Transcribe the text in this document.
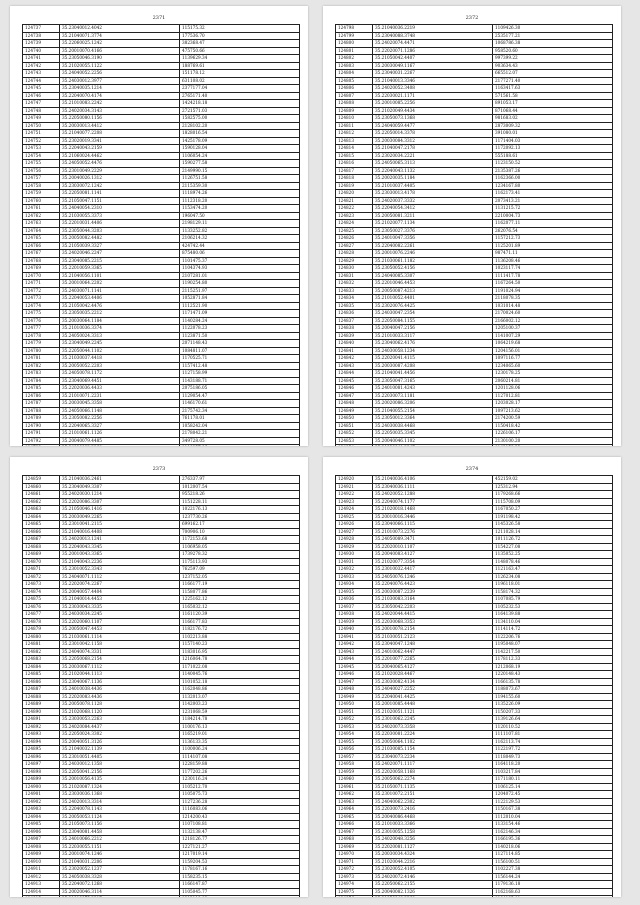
2371
124737	35.23040012.4042	115175.32
124738	35.21040071.3774	177536.70
124739	35.22060025.1242	382368.47
124740	35.20010070.4166	475750.66
124741	35.23050046.3190	1139629.34
124742	35.21020055.1122	188769.61
124743	35.24040052.2256	151178.12
124744	35.24030012.3977	631108.02
124745	35.23040035.1214	2377177.04
124746	35.22040070.4174	2765171.40
124747	35.21010083.2242	1424218.18
124748	35.24020034.3143	2721571.03
124749	35.22050080.1156	1582575.00
124750	35.20030013.4412	2128102.20
124751	35.21040077.2208	1828016.54
124752	35.23020019.3341	1425178.09
124753	35.22040043.2159	1590128.04
124754	35.21060024.4462	1106054.24
124755	35.24050052.4476	1590277.58
124756	35.23010049.2229	2149990.15
124757	35.20040026.1312	1126751.58
124758	35.23030072.1242	2115359.30
124759	35.22050081.1141	1118974.26
124760	35.21050047.1151	1112318.20
124761	35.24040054.2310	1153474.20
124762	35.21030055.3373	196047.50
124763	35.22010031.4406	2198129.11
124764	35.23050044.3203	1133252.82
124765	35.20050082.4482	2106214.32
124766	35.21050039.3327	424742.44
124767	35.24020046.2247	875480.06
124768	35.23040085.2215	1101475.37
124769	35.22010059.3365	1104374.93
124770	35.21040056.1101	2107281.01
124771	35.20010064.2202	1190254.80
124772	35.24030071.1141	2115251.97
124773	35.22040053.4406	1052871.84
124774	35.21050042.4476	1112521.90
124775	35.23050035.2212	1171471.09
124776	35.20030064.1184	1140284.24
124777	35.21010036.3374	1122078.23
124778	35.24050024.3313	1123871.50
124779	35.23040049.2245	2071148.43
124780	35.22050044.1102	1084811.07
124781	35.21030037.4418	1170525.71
124782	35.20050052.2203	1157412.48
124783	35.24050078.1172	1127158.99
124784	35.23040069.4451	1143188.71
124785	35.22020036.4433	2075186.05
124786	35.21010071.2231	1129054.47
124787	35.20030045.3358	1146170.61
124788	35.24050066.1148	2175742.34
124789	35.23050082.2256	761178.01
124790	35.22040065.3327	1058242.04
124791	35.21010061.1126	2178042.21
124792	35.20040079.4485	349728.05

2372
124798	35.21040036.2219	1109426.30
124799	35.23040088.3748	2535177.21
124800	35.24020074.4471	1068786.38
124801	35.22020071.1286	958520.60
124802	35.21050042.4407	997399.22
124803	35.20030049.1167	903634.43
124804	35.23040031.2267	665512.07
124805	35.21040013.3346	2177271.40
124806	35.24020052.3408	1163417.63
124807	35.22030021.1171	571561.58
124808	35.20010085.2256	891053.17
124809	35.21020049.4434	871068.44
124810	35.23050073.1368	981683.02
124811	35.24040059.4477	2873009.32
124812	35.22050014.3378	391080.01
124813	35.20030084.3312	1171404.03
124814	35.21040047.2178	1172092.13
124815	35.23020034.2221	555188.61
124816	35.24050065.3113	1123150.52
124817	35.22040043.1132	2135387.26
124818	35.20020035.1184	1162366.00
124819	35.21010037.4405	1234167.80
124820	35.23030013.4178	1162173.41
124821	35.24020037.3332	2073413.21
124822	35.22040054.3412	1131215.72
124823	35.20050081.3211	2210004.73
124824	35.21020077.1134	1162077.11
124825	35.23050027.3376	262076.54
124826	35.24010047.3356	1157212.73
124827	35.22040082.2261	1125201.89
124828	35.20010076.2246	987471.11
124829	35.21030061.1182	1136208.46
124830	35.23050052.4156	1023117.74
124831	35.24040085.3307	1111417.78
124832	35.22010046.4453	1167264.50
124833	35.20050087.4213	1191024.94
124834	35.21010052.4401	2118078.35
124835	35.23020076.4425	1031014.48
124836	35.24030047.2354	2170024.60
124837	35.22050084.1155	2166002.12
124838	35.20040047.2156	1205100.37
124839	35.21010033.3117	1141007.29
124840	35.23040062.4176	1064219.68
124841	35.24030058.1234	1204156.01
124842	35.22020041.4115	1097116.77
124843	35.20030087.4208	1234065.60
124844	35.21040041.4456	1230178.25
124845	35.23050047.3165	2060214.81
124846	35.24010081.4243	1201128.06
124847	35.22030073.1181	1127012.81
124848	35.20020086.3206	1203028.17
124849	35.21040055.2154	1097213.62
124850	35.23050012.3364	2174200.59
124851	35.24030038.4468	1150418.42
124852	35.22050035.3345	1226106.17
124853	35.20040046.1102	2130100.20

2373
124859	35.21040036.2461	276337.97
124860	35.23040049.3307	1012007.54
124861	35.24020030.1214	955218.26
124862	35.22020086.3307	1151228.11
124863	35.21050046.1416	1022176.13
124864	35.20030049.2265	1237730.26
124865	35.23010041.2115	699162.17
124866	35.21040016.4408	700906.10
124867	35.24020013.1241	1172153.68
124868	35.22040043.3345	1106958.05
124869	35.20010043.3365	1739278.32
124870	35.21040043.2236	1175113.93
124871	35.23010052.3343	762597.09
124872	35.24040071.1112	1237152.05
124873	35.22020074.2267	1166177.19
124874	35.20040057.4404	1158077.86
124875	35.21040014.4453	1225162.12
124876	35.23030043.3335	1165032.12
124877	35.24030034.2245	1161120.39
124878	35.22020060.1107	1166177.83
124879	35.20050047.4453	1182176.72
124880	35.21030061.1114	1102213.88
124881	35.23010042.1158	1157140.23
124882	35.24040074.3331	1183016.95
124883	35.22050068.2154	1216064.78
124884	35.20030067.1112	1171022.08
124885	35.21020044.1113	1140045.76
124886	35.23040067.1136	1101052.18
124887	35.24010038.4436	1162048.86
124888	35.22020083.4436	1132013.07
124889	35.20050078.1128	1142003.23
124890	35.21020068.1120	1231068.59
124891	35.23030053.2263	1184214.78
124892	35.24020084.4437	1100176.13
124893	35.22050024.3302	1165219.01
124894	35.20040051.3126	1136133.35
124895	35.21040032.1139	1100006.24
124896	35.23010051.4405	1114107.08
124897	35.24030012.1358	1228159.88
124898	35.22050041.2156	1177202.26
124899	35.20010056.4135	1230116.24
124900	35.21020087.1324	1105212.70
124901	35.23030036.1368	1105075.73
124902	35.24020013.3314	1127236.28
124903	35.22040078.1143	1116083.06
124904	35.20050053.1124	1214200.43
124905	35.21050073.1156	1107108.81
124906	35.23040081.4458	1132138.47
124907	35.24010066.2212	1218126.77
124908	35.22030055.1151	1227121.27
124909	35.20010074.1246	1217019.14
124910	35.21040031.2206	1159204.53
124911	35.23020052.1237	1178167.16
124912	35.24050038.3328	1158235.15
124913	35.22040072.1268	1166147.87
124914	35.20020046.3114	1105045.77

2374
124920	35.21040036.4106	452159.02
124921	35.23040036.1111	125312.94
124922	35.24020052.1288	1179268.66
124923	35.22040074.1177	1115708.09
124924	35.21020018.1468	1167050.27
124925	35.20010016.3446	1191198.42
124926	35.23040066.1115	1145326.58
124927	35.21010073.2276	1211028.14
124928	35.24050089.3471	1011126.72
124929	35.22020010.1107	1154227.08
124930	35.20040083.4127	1135052.25
124931	35.21020077.3354	1148078.46
124932	35.23010032.4417	1121163.47
124933	35.24050076.1246	1126234.08
124934	35.22040076.4423	1196118.01
124935	35.20030087.2239	1158174.32
124936	35.21030083.3164	1107085.79
124937	35.23050042.2203	1105232.53
124938	35.24020044.4415	1164139.88
124939	35.22030068.3353	1134110.04
124940	35.20010078.2154	1114114.72
124941	35.21030051.2123	1122206.76
124942	35.23040047.1248	1195048.07
124943	35.24010062.4447	1142217.50
124944	35.22010077.2265	1178112.33
124945	35.20040065.4127	1212068.19
124946	35.21020028.4467	1220148.43
124947	35.23030082.4134	1166135.78
124948	35.24040027.2252	1188073.67
124949	35.22040041.4425	1194155.60
124950	35.20010085.4448	1135226.09
124951	35.21020051.1121	1150207.33
124952	35.23010062.2245	1139126.64
124953	35.24020073.3358	1120110.52
124954	35.22030081.2224	1111107.81
124955	35.20050064.1102	1162113.74
124956	35.21030085.1154	1122197.72
124957	35.23040073.2234	1118049.73
124958	35.24020071.1117	1164118.20
124959	35.22020058.1168	1103217.84
124960	35.20050062.2274	1171180.11
124961	35.21050071.1135	1106125.14
124962	35.23010072.2151	1204072.45
124963	35.24040062.2302	1122129.53
124964	35.22030073.2416	1150167.38
124965	35.20040086.4468	1112010.04
124966	35.21010033.3366	1133154.46
124967	35.23010055.1258	1162146.34
124968	35.24020048.3256	1166195.36
124969	35.22020081.1127	1140218.06
124970	35.20030034.4324	1127114.85
124971	35.21020044.2216	1156100.51
124972	35.23020052.4105	1102227.38
124973	35.24020072.4146	1156144.24
124974	35.22050062.2155	1179136.18
124975	35.20040082.1326	1162168.63
